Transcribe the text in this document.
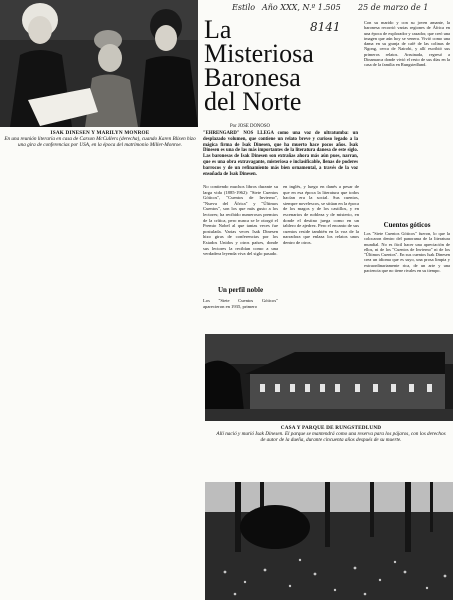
ISAK DINESEN Y MARILYN MONROE
En una reunión literaria en casa de Carson McCullers (derecha), cuando Karen Blixen hizo una gira de conferencias por USA, en la época del matrimonio Miller-Monroe.
Estilo Año XXX, N.º 1.505 25 de marzo de 1
8141
La
Misteriosa
Baronesa
del Norte
Por JOSE DONOSO
"EHRENGARD" NOS LLEGA como una voz de ultratumba: un desplazado volumen, que contiene un relato breve y curioso legado a la mágica firma de Isak Dinesen, que ha muerto hace pocos años. Isak Dinesen es una de las más importantes de la literatura danesa de este siglo. Las baronesas de Isak Dinesen son extrañas ahora más aún pues, narran, que es una obra extravagante, misteriosa e inclasificable, llenas de poderes barrocos y de un refinamiento más bien ornamental, a través de la voz ensoñada de Isak Dinesen.
Con su marido y con su joven amante, la baronesa recorrió varias regiones de África en una época de explorador y cazador, que creó una imagen que aún hoy se venera. Vivió como una dama en su granja de café de las colinas de Ngong, cerca de Nairobi, y allí escribió sus primeros relatos. Arruinada, regresó a Dinamarca donde vivió el resto de sus días en la casa de la familia en Rungstedlund.
Cuentos góticos
Los "Siete Cuentos Góticos" fueron, lo que la colocaron dentro del panorama de la literatura mundial. No es fácil hacer una apreciación de ellos, ni de los "Cuentos de Invierno" ni de los "Últimos Cuentos". En sus cuentos Isak Dinesen crea un idioma que es suyo, una prosa limpia y extraordinariamente rica, de un arte y una paciencia que no tiene rivales en su tiempo.
No contiendo muchos libros durante su larga vida (1885-1962): "Siete Cuentos Góticos", "Cuentos de Invierno", "Nueva del África" y "Últimos Cuentos", son los que más gusto a los lectores; ha recibido numerosos premios de la crítica, pero nunca se le otorgó el Premio Nobel al que tantas veces fue postulada. Varias veces Isak Dinesen hizo giras de conferencias por los Estados Unidos y otros países, donde sus lectores la recibían como a una verdadera leyenda viva del siglo pasado.
Un perfil noble
Los "Siete Cuentos Góticos" aparecieron en 1935, primero
en inglés, y luego en danés a pesar de que en esa época la literatura que todos hacían era la social. Sus cuentos, siempre novelescos, se sitúan en la época de los magos y de los castillos, y en escenarios de nobleza y de misterio, en donde el destino juega como en un tablero de ajedrez. Pero el encanto de sus cuentos reside también en la voz de la narradora que enlaza los relatos unos dentro de otros.
CASA Y PARQUE DE RUNGSTEDLUND
Allí nació y murió Isak Dinesen. El parque se mantendrá como una reserva para los pájaros, con los derechos de autor de la dueña, durante cincuenta años después de su muerte.
